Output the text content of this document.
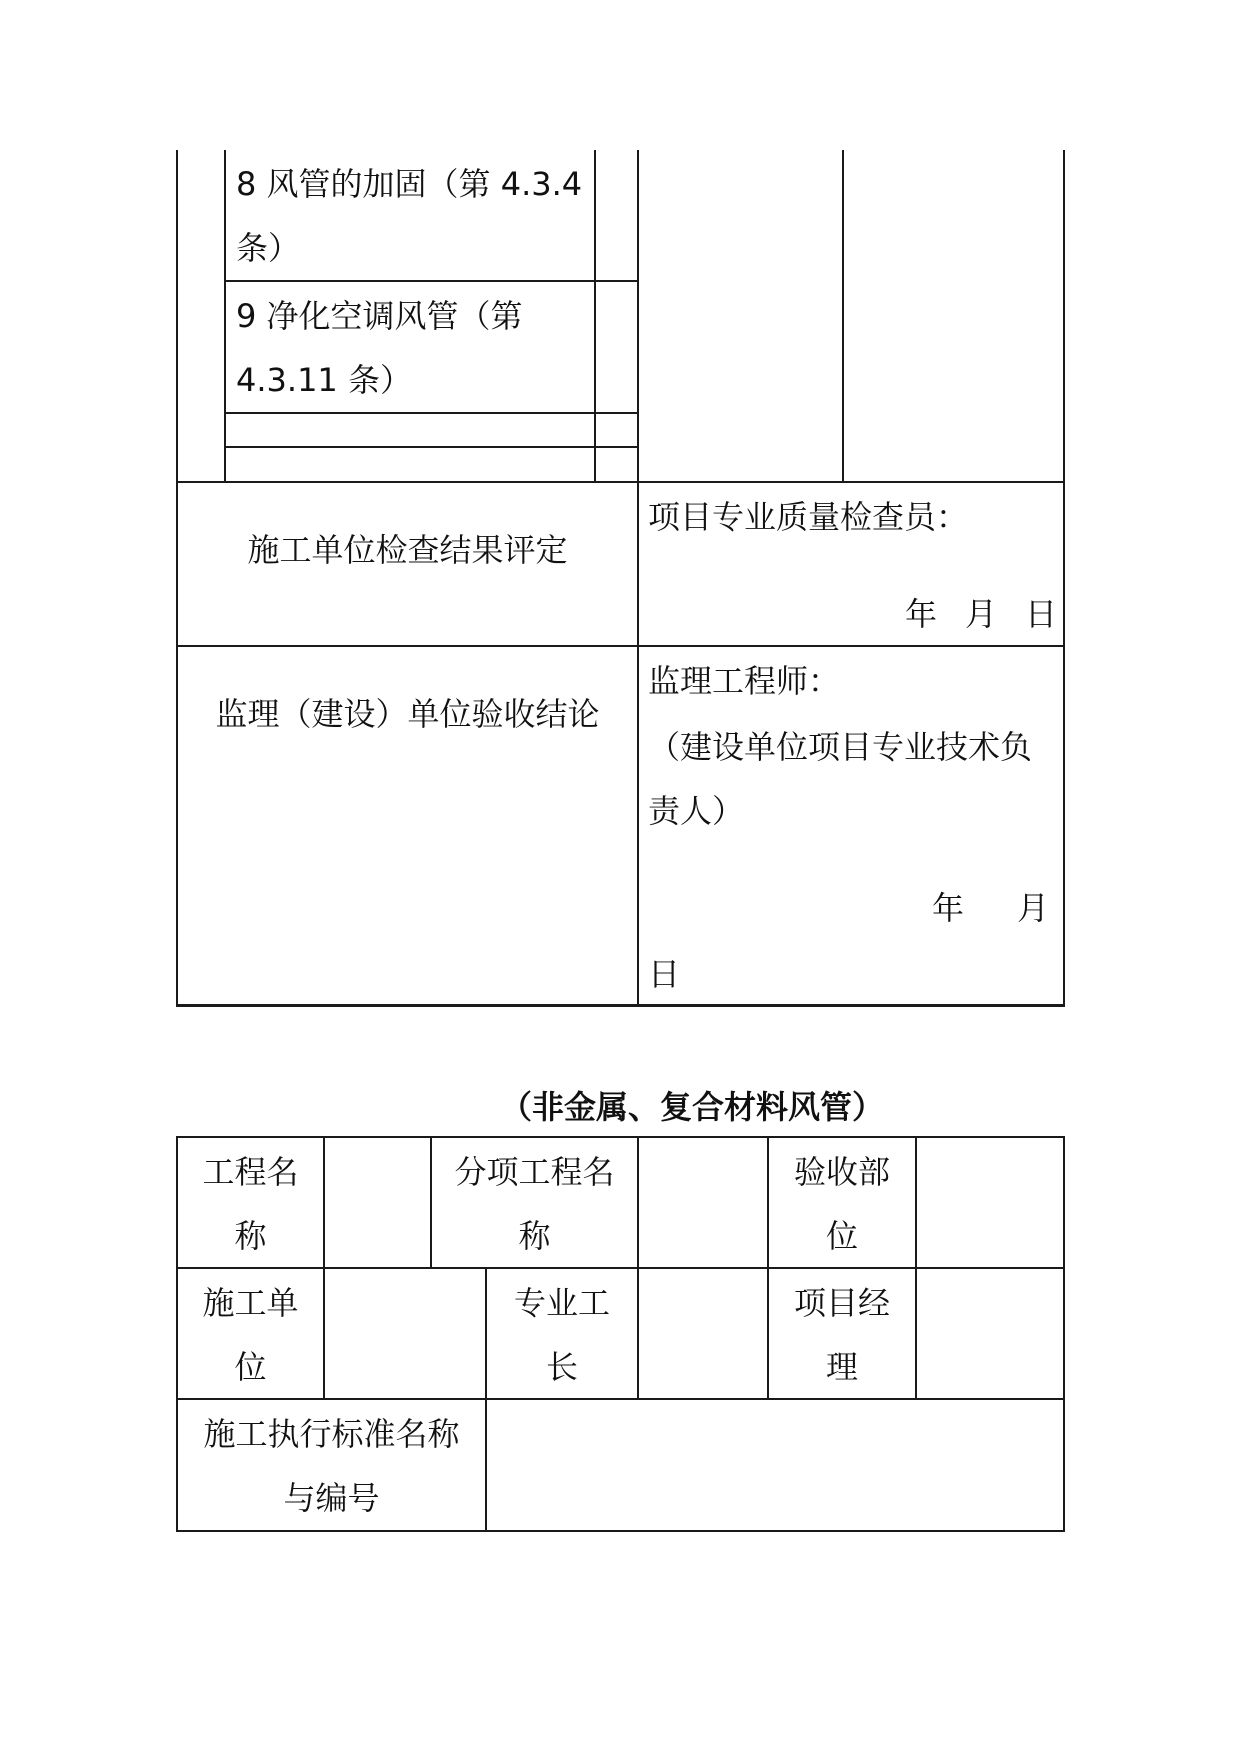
8 风管的加固（第 4.3.4
条）
9 净化空调风管（第
4.3.11 条）
施工单位检查结果评定
项目专业质量检查员：
年 月 日
监理（建设）单位验收结论
监理工程师：
（建设单位项目专业技术负
责人）
年 月
日
（非金属、复合材料风管）
工程名
称
分项工程名
称
验收部
位
施工单
位
专业工
长
项目经
理
施工执行标准名称
与编号
